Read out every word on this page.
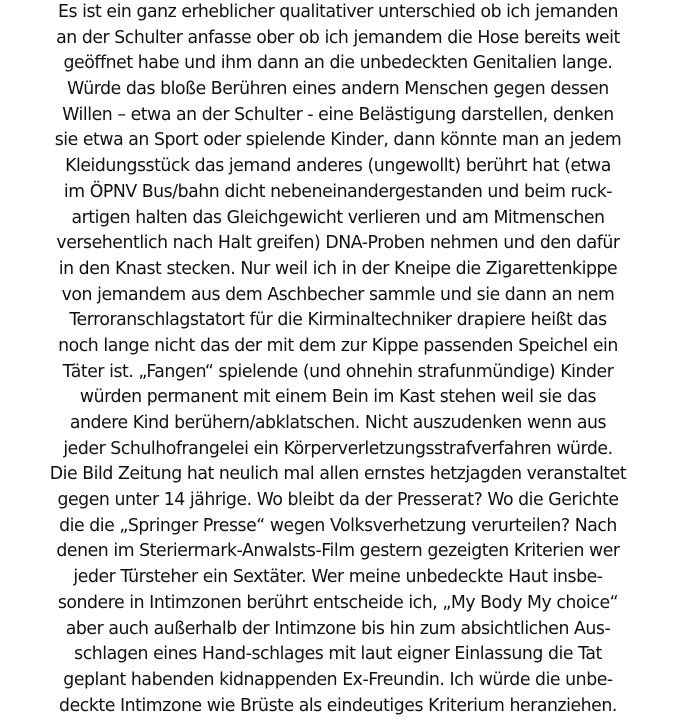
Es ist ein ganz erheblicher qualitativer unterschied ob ich jemanden
an der Schulter anfasse ober ob ich jemandem die Hose bereits weit
geöffnet habe und ihm dann an die unbedeckten Genitalien lange.
Würde das bloße Berühren eines andern Menschen gegen dessen
Willen – etwa an der Schulter - eine Belästigung darstellen, denken
sie etwa an Sport oder spielende Kinder, dann könnte man an jedem
Kleidungsstück das jemand anderes (ungewollt) berührt hat (etwa
im ÖPNV Bus/bahn dicht nebeneinandergestanden und beim ruck-
artigen halten das Gleichgewicht verlieren und am Mitmenschen
versehentlich nach Halt greifen) DNA-Proben nehmen und den dafür
in den Knast stecken. Nur weil ich in der Kneipe die Zigarettenkippe
von jemandem aus dem Aschbecher sammle und sie dann an nem
Terroranschlagstatort für die Kirminaltechniker drapiere heißt das
noch lange nicht das der mit dem zur Kippe passenden Speichel ein
Täter ist. „Fangen“ spielende (und ohnehin strafunmündige) Kinder
würden permanent mit einem Bein im Kast stehen weil sie das
andere Kind berühern/abklatschen. Nicht auszudenken wenn aus
jeder Schulhofrangelei ein Körperverletzungsstrafverfahren würde.
Die Bild Zeitung hat neulich mal allen ernstes hetzjagden veranstaltet
gegen unter 14 jährige. Wo bleibt da der Presserat? Wo die Gerichte
die die „Springer Presse“ wegen Volksverhetzung verurteilen? Nach
denen im Steriermark-Anwalsts-Film gestern gezeigten Kriterien wer
jeder Türsteher ein Sextäter. Wer meine unbedeckte Haut insbe-
sondere in Intimzonen berührt entscheide ich, „My Body My choice“
aber auch außerhalb der Intimzone bis hin zum absichtlichen Aus-
schlagen eines Hand-schlages mit laut eigner Einlassung die Tat
geplant habenden kidnappenden Ex-Freundin. Ich würde die unbe-
deckte Intimzone wie Brüste als eindeutiges Kriterium heranziehen.
